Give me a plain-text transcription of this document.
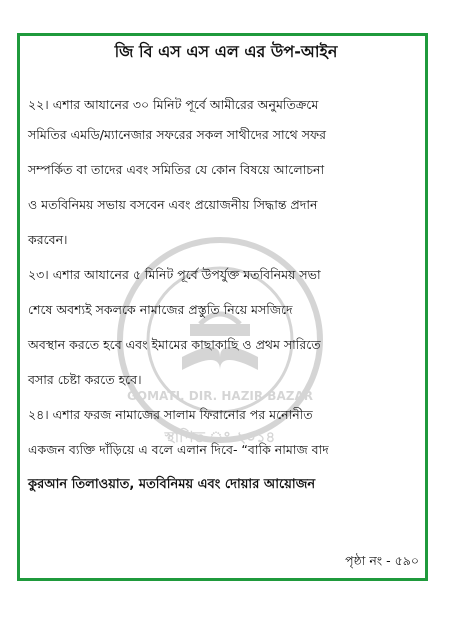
GOMATI, DIR. HAZIR BAZAR
স্থাপিত ঃ ২০১৪
জি বি এস এস এল এর উপ-আইন
২২। এশার আযানের ৩০ মিনিট পূর্বে আমীরের অনুমতিক্রমে
সমিতির এমডি/ম্যানেজার সফরের সকল সাথীদের সাথে সফর
সম্পর্কিত বা তাদের এবং সমিতির যে কোন বিষয়ে আলোচনা
ও মতবিনিময় সভায় বসবেন এবং প্রয়োজনীয় সিদ্ধান্ত প্রদান
করবেন।
২৩। এশার আযানের ৫ মিনিট পূর্বে উপর্যুক্ত মতবিনিময় সভা
শেষে অবশ্যই সকলকে নামাজের প্রস্তুতি নিয়ে মসজিদে
অবস্থান করতে হবে এবং ইমামের কাছাকাছি ও প্রথম সারিতে
বসার চেষ্টা করতে হবে।
২৪। এশার ফরজ নামাজের সালাম ফিরানোর পর মনোনীত
একজন ব্যক্তি দাঁড়িয়ে এ বলে এলান দিবে- “বাকি নামাজ বাদ
কুরআন তিলাওয়াত, মতবিনিময় এবং দোয়ার আয়োজন
পৃষ্ঠা নং - ৫৯০
